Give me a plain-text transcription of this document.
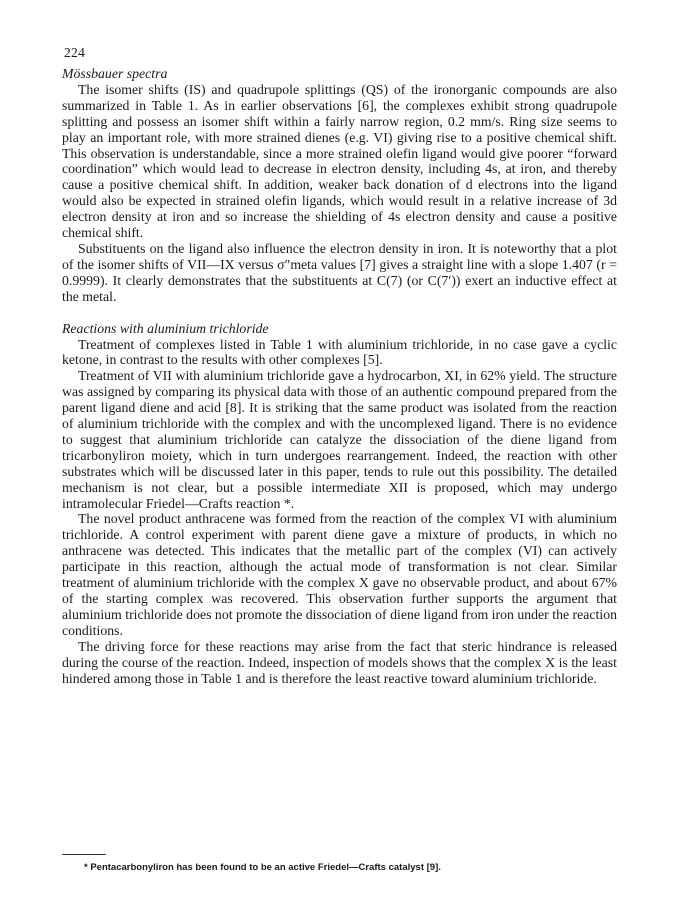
224
Mössbauer spectra

The isomer shifts (IS) and quadrupole splittings (QS) of the ironorganic compounds are also summarized in Table 1. As in earlier observations [6], the complexes exhibit strong quadrupole splitting and possess an isomer shift within a fairly narrow region, 0.2 mm/s. Ring size seems to play an important role, with more strained dienes (e.g. VI) giving rise to a positive chemical shift. This observation is understandable, since a more strained olefin ligand would give poorer “forward coordination” which would lead to decrease in electron density, including 4s, at iron, and thereby cause a positive chemical shift. In addition, weaker back donation of d electrons into the ligand would also be expected in strained olefin ligands, which would result in a relative increase of 3d electron density at iron and so increase the shielding of 4s electron density and cause a positive chemical shift.

Substituents on the ligand also influence the electron density in iron. It is noteworthy that a plot of the isomer shifts of VII—IX versus σ″meta values [7] gives a straight line with a slope 1.407 (r = 0.9999). It clearly demonstrates that the substituents at C(7) (or C(7′)) exert an inductive effect at the metal.

Reactions with aluminium trichloride

Treatment of complexes listed in Table 1 with aluminium trichloride, in no case gave a cyclic ketone, in contrast to the results with other complexes [5].

Treatment of VII with aluminium trichloride gave a hydrocarbon, XI, in 62% yield. The structure was assigned by comparing its physical data with those of an authentic compound prepared from the parent ligand diene and acid [8]. It is striking that the same product was isolated from the reaction of aluminium trichloride with the complex and with the uncomplexed ligand. There is no evidence to suggest that aluminium trichloride can catalyze the dissociation of the diene ligand from tricarbonyliron moiety, which in turn undergoes rearrangement. Indeed, the reaction with other substrates which will be discussed later in this paper, tends to rule out this possibility. The detailed mechanism is not clear, but a possible intermediate XII is proposed, which may undergo intramolecular Friedel—Crafts reaction *.

The novel product anthracene was formed from the reaction of the complex VI with aluminium trichloride. A control experiment with parent diene gave a mixture of products, in which no anthracene was detected. This indicates that the metallic part of the complex (VI) can actively participate in this reaction, although the actual mode of transformation is not clear. Similar treatment of aluminium trichloride with the complex X gave no observable product, and about 67% of the starting complex was recovered. This observation further supports the argument that aluminium trichloride does not promote the dissociation of diene ligand from iron under the reaction conditions.

The driving force for these reactions may arise from the fact that steric hindrance is released during the course of the reaction. Indeed, inspection of models shows that the complex X is the least hindered among those in Table 1 and is therefore the least reactive toward aluminium trichloride.

* Pentacarbonyliron has been found to be an active Friedel—Crafts catalyst [9].
